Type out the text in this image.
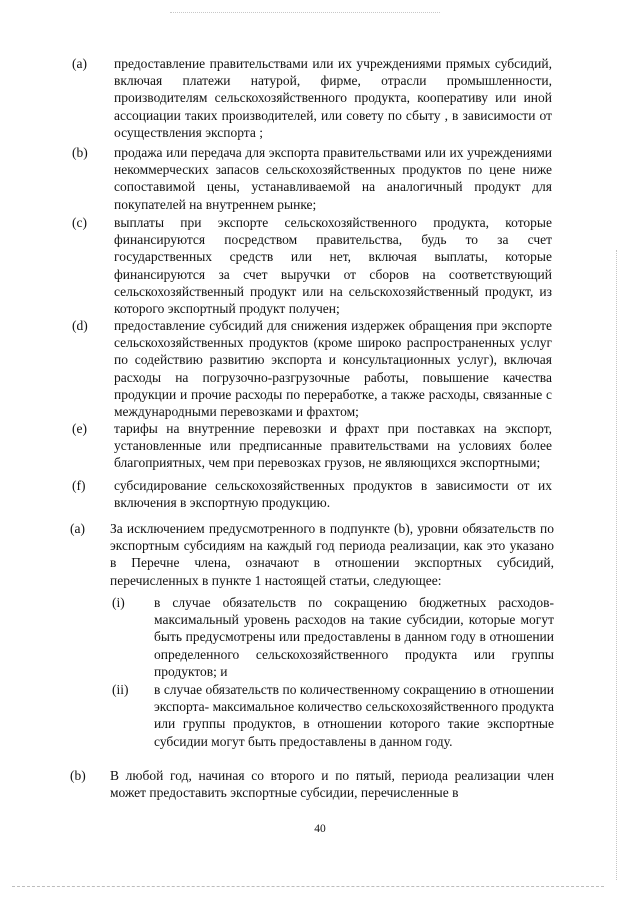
(a)	предоставление правительствами или их учреждениями прямых субсидий, включая платежи натурой, фирме, отрасли промышленности, производителям сельскохозяйственного продукта, кооперативу или иной ассоциации таких производителей, или совету по сбыту , в зависимости от осуществления экспорта ;
(b)	продажа или передача для экспорта правительствами или их учреждениями некоммерческих запасов сельскохозяйственных продуктов по цене ниже сопоставимой цены, устанавливаемой на аналогичный продукт для покупателей на внутреннем рынке;
(c)	выплаты при экспорте сельскохозяйственного продукта, которые финансируются посредством правительства, будь то за счет государственных средств или нет, включая выплаты, которые финансируются за счет выручки от сборов на соответствующий сельскохозяйственный продукт или на сельскохозяйственный продукт, из которого экспортный продукт получен;
(d)	предоставление субсидий для снижения издержек обращения при экспорте сельскохозяйственных продуктов (кроме широко распространенных услуг по содействию развитию экспорта и консультационных услуг), включая расходы на погрузочно-разгрузочные работы, повышение качества продукции и прочие расходы по переработке, а также расходы, связанные с международными перевозками и фрахтом;
(e)	тарифы на внутренние перевозки и фрахт при поставках на экспорт, установленные или предписанные правительствами на условиях более благоприятных, чем при перевозках грузов, не являющихся экспортными;
(f)	субсидирование сельскохозяйственных продуктов в зависимости от их включения в экспортную продукцию.
(a)	За исключением предусмотренного в подпункте (b), уровни обязательств по экспортным субсидиям на каждый год периода реализации, как это указано в Перечне члена, означают в отношении экспортных субсидий, перечисленных в пункте 1 настоящей статьи, следующее:
(i)	в случае обязательств по сокращению бюджетных расходов-максимальный уровень расходов на такие субсидии, которые могут быть предусмотрены или предоставлены в данном году в отношении определенного сельскохозяйственного продукта или группы продуктов; и
(ii)	в случае обязательств по количественному сокращению в отношении экспорта- максимальное количество сельскохозяйственного продукта или группы продуктов, в отношении которого такие экспортные субсидии могут быть предоставлены в данном году.
(b)	В любой год, начиная со второго и по пятый, периода реализации член может предоставить экспортные субсидии, перечисленные в
40
